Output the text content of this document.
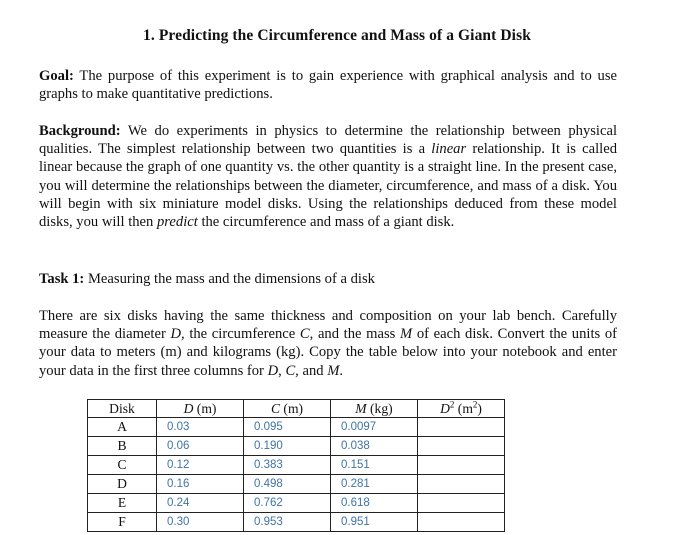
1. Predicting the Circumference and Mass of a Giant Disk

Goal: The purpose of this experiment is to gain experience with graphical analysis and to use graphs to make quantitative predictions.

Background: We do experiments in physics to determine the relationship between physical qualities. The simplest relationship between two quantities is a linear relationship. It is called linear because the graph of one quantity vs. the other quantity is a straight line. In the present case, you will determine the relationships between the diameter, circumference, and mass of a disk. You will begin with six miniature model disks. Using the relationships deduced from these model disks, you will then predict the circumference and mass of a giant disk.

Task 1: Measuring the mass and the dimensions of a disk

There are six disks having the same thickness and composition on your lab bench. Carefully measure the diameter D, the circumference C, and the mass M of each disk. Convert the units of your data to meters (m) and kilograms (kg). Copy the table below into your notebook and enter your data in the first three columns for D, C, and M.

Disk	D (m)	C (m)	M (kg)	$D^2$ $(m^2)$
A	0.03	0.095	0.0097	
B	0.06	0.190	0.038	
C	0.12	0.383	0.151	
D	0.16	0.498	0.281	
E	0.24	0.762	0.618	
F	0.30	0.953	0.951	
